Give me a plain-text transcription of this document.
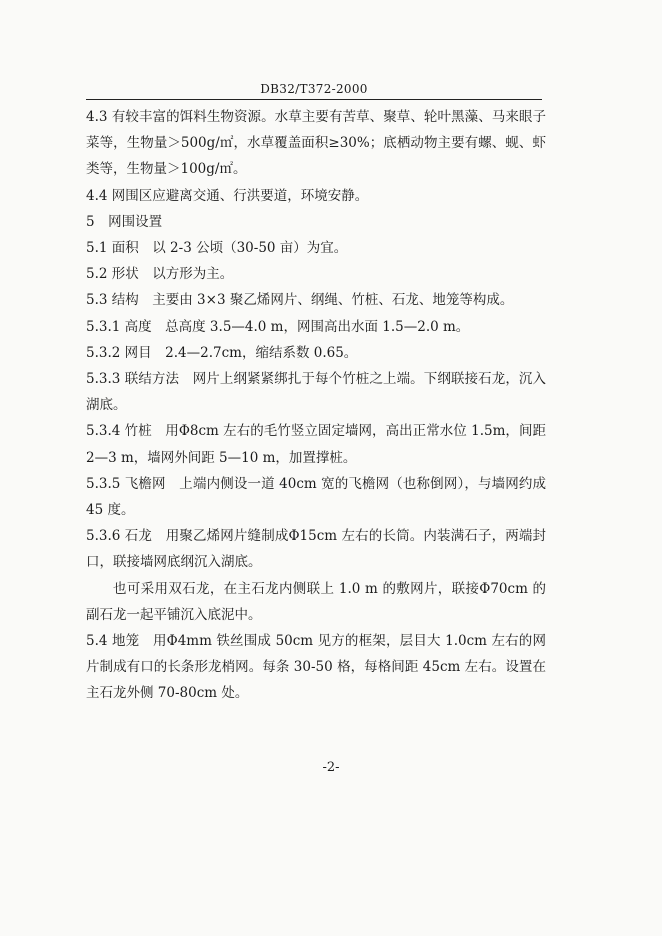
DB32/T372-2000

4.3 有较丰富的饵料生物资源。水草主要有苦草、聚草、轮叶黑藻、马来眼子菜等，生物量＞500g/㎡，水草覆盖面积≥30%；底栖动物主要有螺、蚬、虾类等，生物量＞100g/㎡。

4.4 网围区应避离交通、行洪要道，环境安静。

5　网围设置

5.1 面积　以 2-3 公顷（30-50 亩）为宜。

5.2 形状　以方形为主。

5.3 结构　主要由 3×3 聚乙烯网片、纲绳、竹桩、石龙、地笼等构成。

5.3.1 高度　总高度 3.5—4.0 m，网围高出水面 1.5—2.0 m。

5.3.2 网目　2.4—2.7cm，缩结系数 0.65。

5.3.3 联结方法　网片上纲紧紧绑扎于每个竹桩之上端。下纲联接石龙，沉入湖底。

5.3.4 竹桩　用Φ8cm 左右的毛竹竖立固定墙网，高出正常水位 1.5m，间距 2—3 m，墙网外间距 5—10 m，加置撑桩。

5.3.5 飞檐网　上端内侧设一道 40cm 宽的飞檐网（也称倒网），与墙网约成 45 度。

5.3.6 石龙　用聚乙烯网片缝制成Φ15cm 左右的长筒。内装满石子，两端封口，联接墙网底纲沉入湖底。

也可采用双石龙，在主石龙内侧联上 1.0 m 的敷网片，联接Φ70cm 的副石龙一起平铺沉入底泥中。

5.4 地笼　用Φ4mm 铁丝围成 50cm 见方的框架，层目大 1.0cm 左右的网片制成有口的长条形龙梢网。每条 30-50 格，每格间距 45cm 左右。设置在主石龙外侧 70-80cm 处。

-2-
